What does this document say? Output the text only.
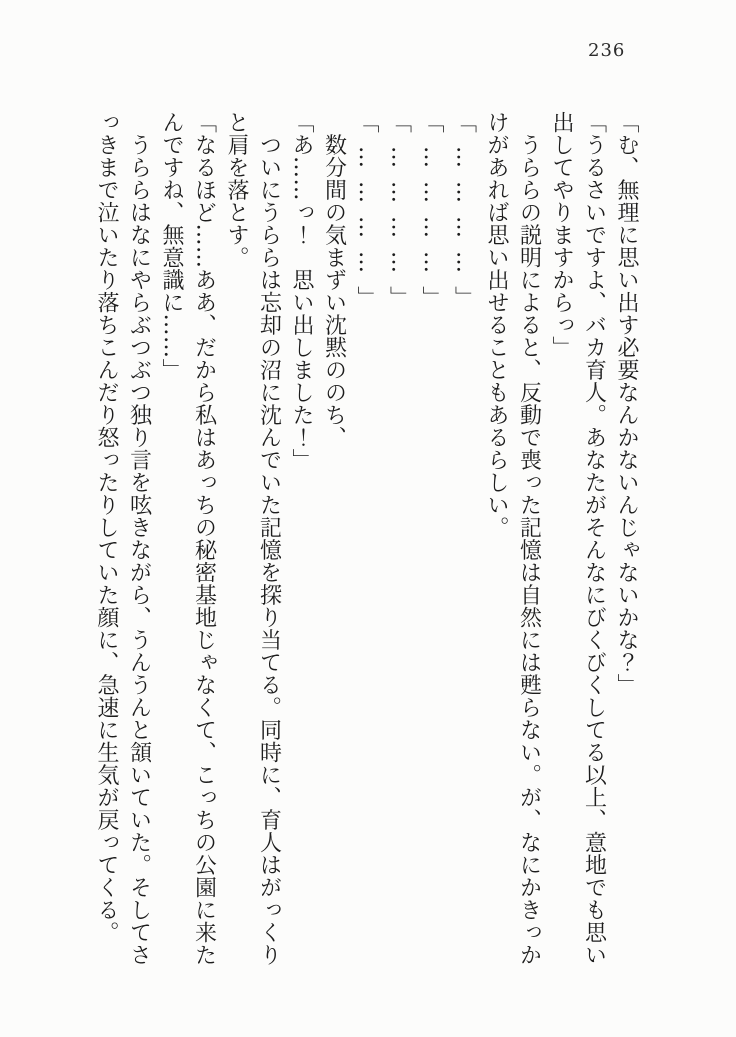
236

「む、無理に思い出す必要なんかないんじゃないかな？」

「うるさいですよ、バカ育人。あなたがそんなにびくびくしてる以上、意地でも思い

出してやりますからっ」

　うららの説明によると、反動で喪った記憶は自然には甦らない。が、なにかきっか

けがあれば思い出せることもあるらしい。

「…………」

「…………」

「…………」

「…………」

　数分間の気まずい沈黙ののち、

「あ……っ！　思い出しました！」

　ついにうららは忘却の沼に沈んでいた記憶を探り当てる。同時に、育人はがっくり

と肩を落とす。

「なるほど……ああ、だから私はあっちの秘密基地じゃなくて、こっちの公園に来た

んですね、無意識に……」

　うららはなにやらぶつぶつ独り言を呟きながら、うんうんと頷いていた。そしてさ

っきまで泣いたり落ちこんだり怒ったりしていた顔に、急速に生気が戻ってくる。
